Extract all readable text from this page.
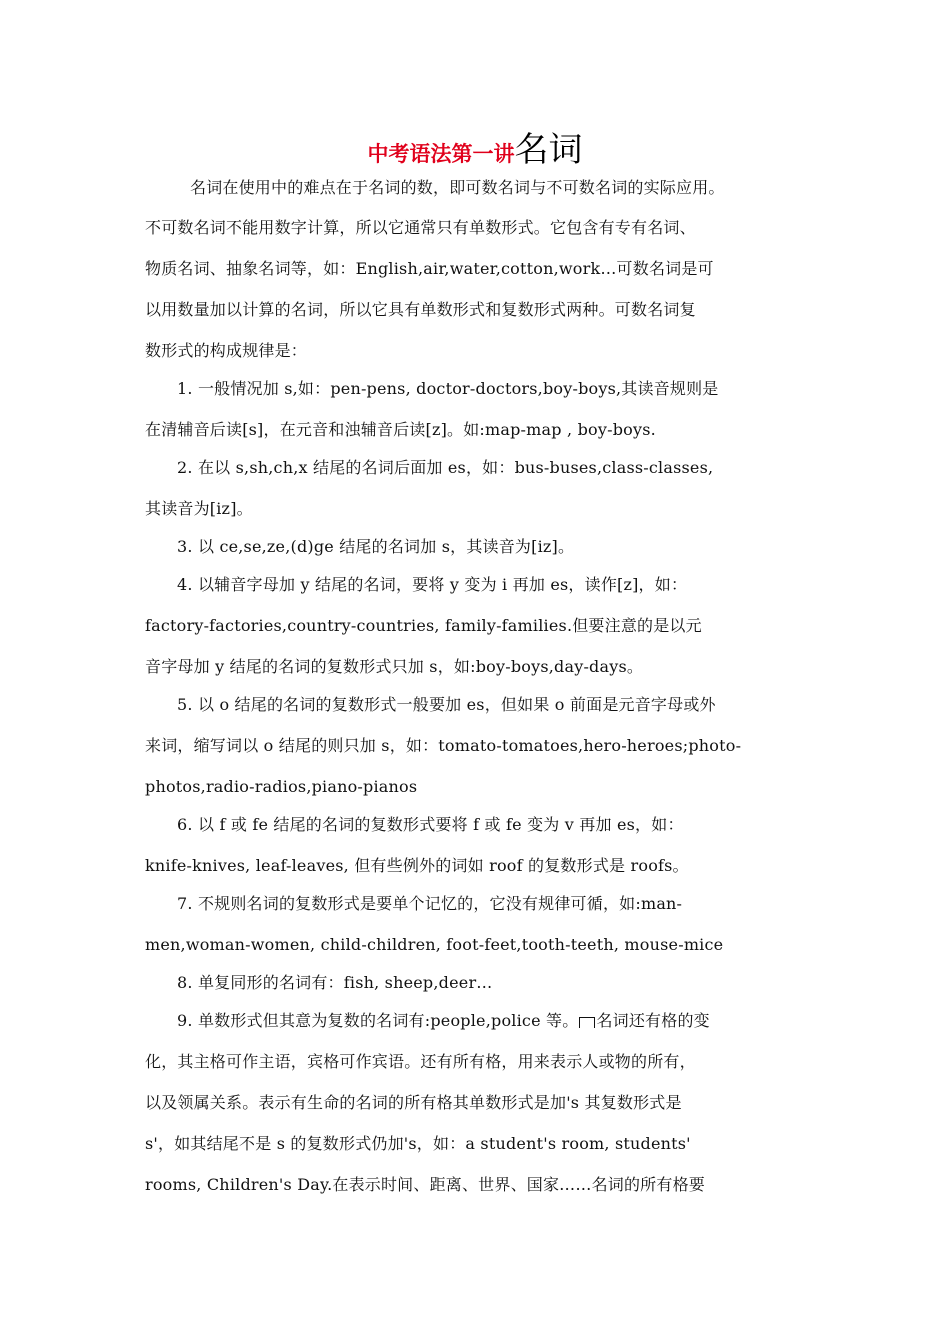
中考语法第一讲名词
名词在使用中的难点在于名词的数，即可数名词与不可数名词的实际应用。
不可数名词不能用数字计算，所以它通常只有单数形式。它包含有专有名词、
物质名词、抽象名词等，如：English,air,water,cotton,work…可数名词是可
以用数量加以计算的名词，所以它具有单数形式和复数形式两种。可数名词复
数形式的构成规律是：
1. 一般情况加 s,如：pen-pens, doctor-doctors,boy-boys,其读音规则是
在清辅音后读[s]，在元音和浊辅音后读[z]。如:map-map , boy-boys.
2. 在以 s,sh,ch,x 结尾的名词后面加 es，如：bus-buses,class-classes,
其读音为[iz]。
3. 以 ce,se,ze,(d)ge 结尾的名词加 s，其读音为[iz]。
4. 以辅音字母加 y 结尾的名词，要将 y 变为 i 再加 es，读作[z]，如：
factory-factories,country-countries, family-families.但要注意的是以元
音字母加 y 结尾的名词的复数形式只加 s，如:boy-boys,day-days。
5. 以 o 结尾的名词的复数形式一般要加 es，但如果 o 前面是元音字母或外
来词，缩写词以 o 结尾的则只加 s，如：tomato-tomatoes,hero-heroes;photo-
photos,radio-radios,piano-pianos
6. 以 f 或 fe 结尾的名词的复数形式要将 f 或 fe 变为 v 再加 es，如：
knife-knives, leaf-leaves, 但有些例外的词如 roof 的复数形式是 roofs。
7. 不规则名词的复数形式是要单个记忆的，它没有规律可循，如:man-
men,woman-women, child-children, foot-feet,tooth-teeth, mouse-mice
8. 单复同形的名词有：fish, sheep,deer…
9. 单数形式但其意为复数的名词有:people,police 等。 名词还有格的变
化，其主格可作主语，宾格可作宾语。还有所有格，用来表示人或物的所有，
以及领属关系。表示有生命的名词的所有格其单数形式是加's 其复数形式是
s'，如其结尾不是 s 的复数形式仍加's，如：a student's room, students'
rooms, Children's Day.在表示时间、距离、世界、国家……名词的所有格要
